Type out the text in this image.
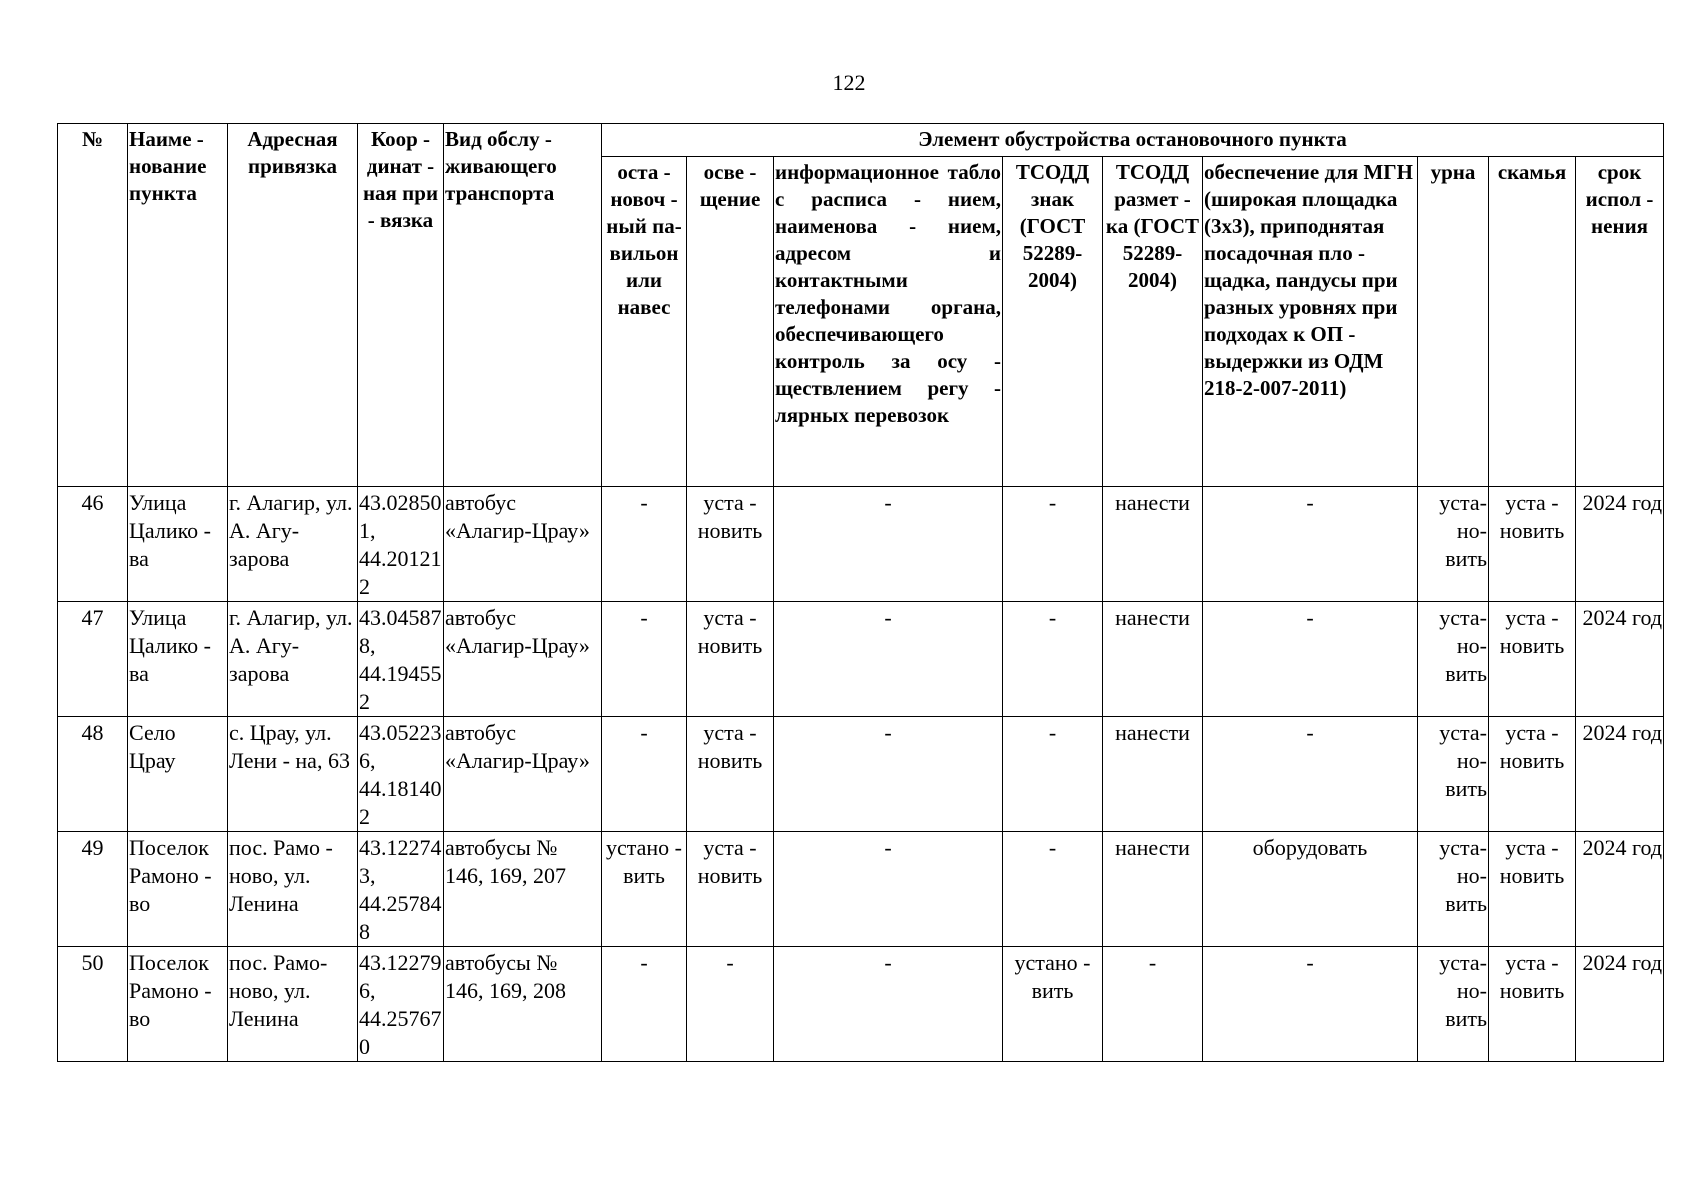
122
№	Наиме - нование пункта	Адресная привязка	Коор - динат - ная при - вязка	Вид обслу - живающего транспорта	Элемент обустройства остановочного пункта								
					оста - новоч - ный па-вильон или навес	осве - щение	информационное табло с расписа - нием, наименова - нием, адресом и контактными телефонами органа, обеспечивающего контроль за осу - ществлением регу - лярных перевозок	ТСОДД знак (ГОСТ 52289-2004)	ТСОДД размет - ка (ГОСТ 52289-2004)	обеспечение для МГН (широкая площадка (3х3), приподнятая посадочная пло - щадка, пандусы при разных уровнях при подходах к ОП - выдержки из ОДМ 218-2-007-2011)	урна	скамья	срок испол - нения
46	Улица Цалико - ва	г. Алагир, ул. А. Агу-зарова	43.028501, 44.201212	автобус «Алагир-Црау»	-	уста - новить	-	-	нанести	-	уста-но-вить	уста - новить	2024 год
47	Улица Цалико - ва	г. Алагир, ул. А. Агу-зарова	43.045878, 44.194552	автобус «Алагир-Црау»	-	уста - новить	-	-	нанести	-	уста-но-вить	уста - новить	2024 год
48	Село Црау	с. Црау, ул. Лени - на, 63	43.052236, 44.181402	автобус «Алагир-Црау»	-	уста - новить	-	-	нанести	-	уста-но-вить	уста - новить	2024 год
49	Поселок Рамоно - во	пос. Рамо - ново, ул. Ленина	43.122743, 44.257848	автобусы № 146, 169, 207	устано - вить	уста - новить	-	-	нанести	оборудовать	уста-но-вить	уста - новить	2024 год
50	Поселок Рамоно - во	пос. Рамо-ново, ул. Ленина	43.122796, 44.257670	автобусы № 146, 169, 208	-	-	-	устано - вить	-	-	уста-но-вить	уста - новить	2024 год
